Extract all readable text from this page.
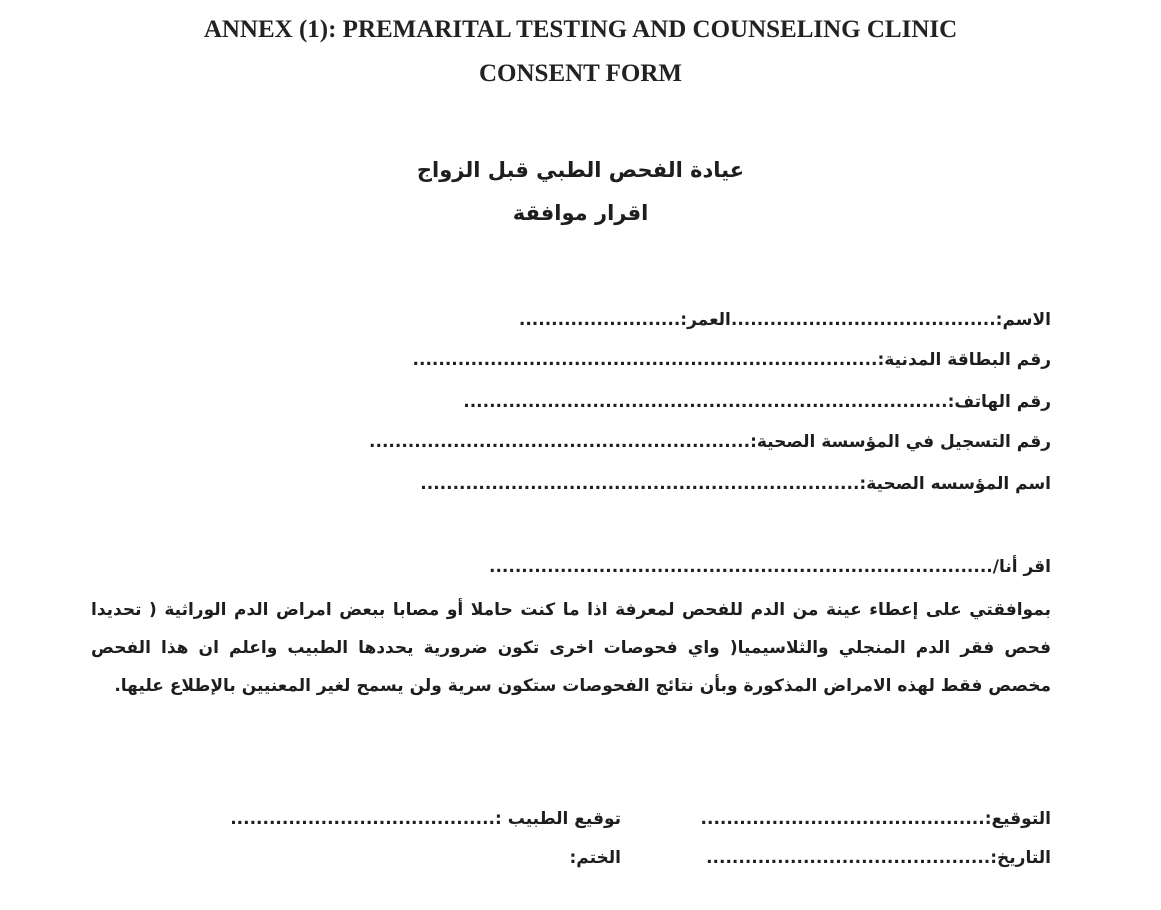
ANNEX (1): PREMARITAL TESTING AND COUNSELING CLINIC
CONSENT FORM
عيادة الفحص الطبي قبل الزواج
اقرار موافقة
الاسم:.........................................العمر:.........................
رقم البطاقة المدنية:........................................................................
رقم الهاتف:...........................................................................
رقم التسجيل في المؤسسة الصحية:...........................................................
اسم المؤسسه الصحية:....................................................................
اقر أنا/..............................................................................
بموافقتي على إعطاء عينة من الدم للفحص لمعرفة اذا ما كنت حاملا أو مصابا ببعض امراض الدم الوراثية ( تحديدا فحص فقر الدم المنجلي والثلاسيميا( واي فحوصات اخرى تكون ضرورية يحددها الطبيب واعلم ان هذا الفحص مخصص فقط لهذه الامراض المذكورة وبأن نتائج الفحوصات ستكون سرية ولن يسمح لغير المعنيين بالإطلاع عليها.
التوقيع:............................................
توقيع الطبيب :.........................................
التاريخ:............................................
الختم:
